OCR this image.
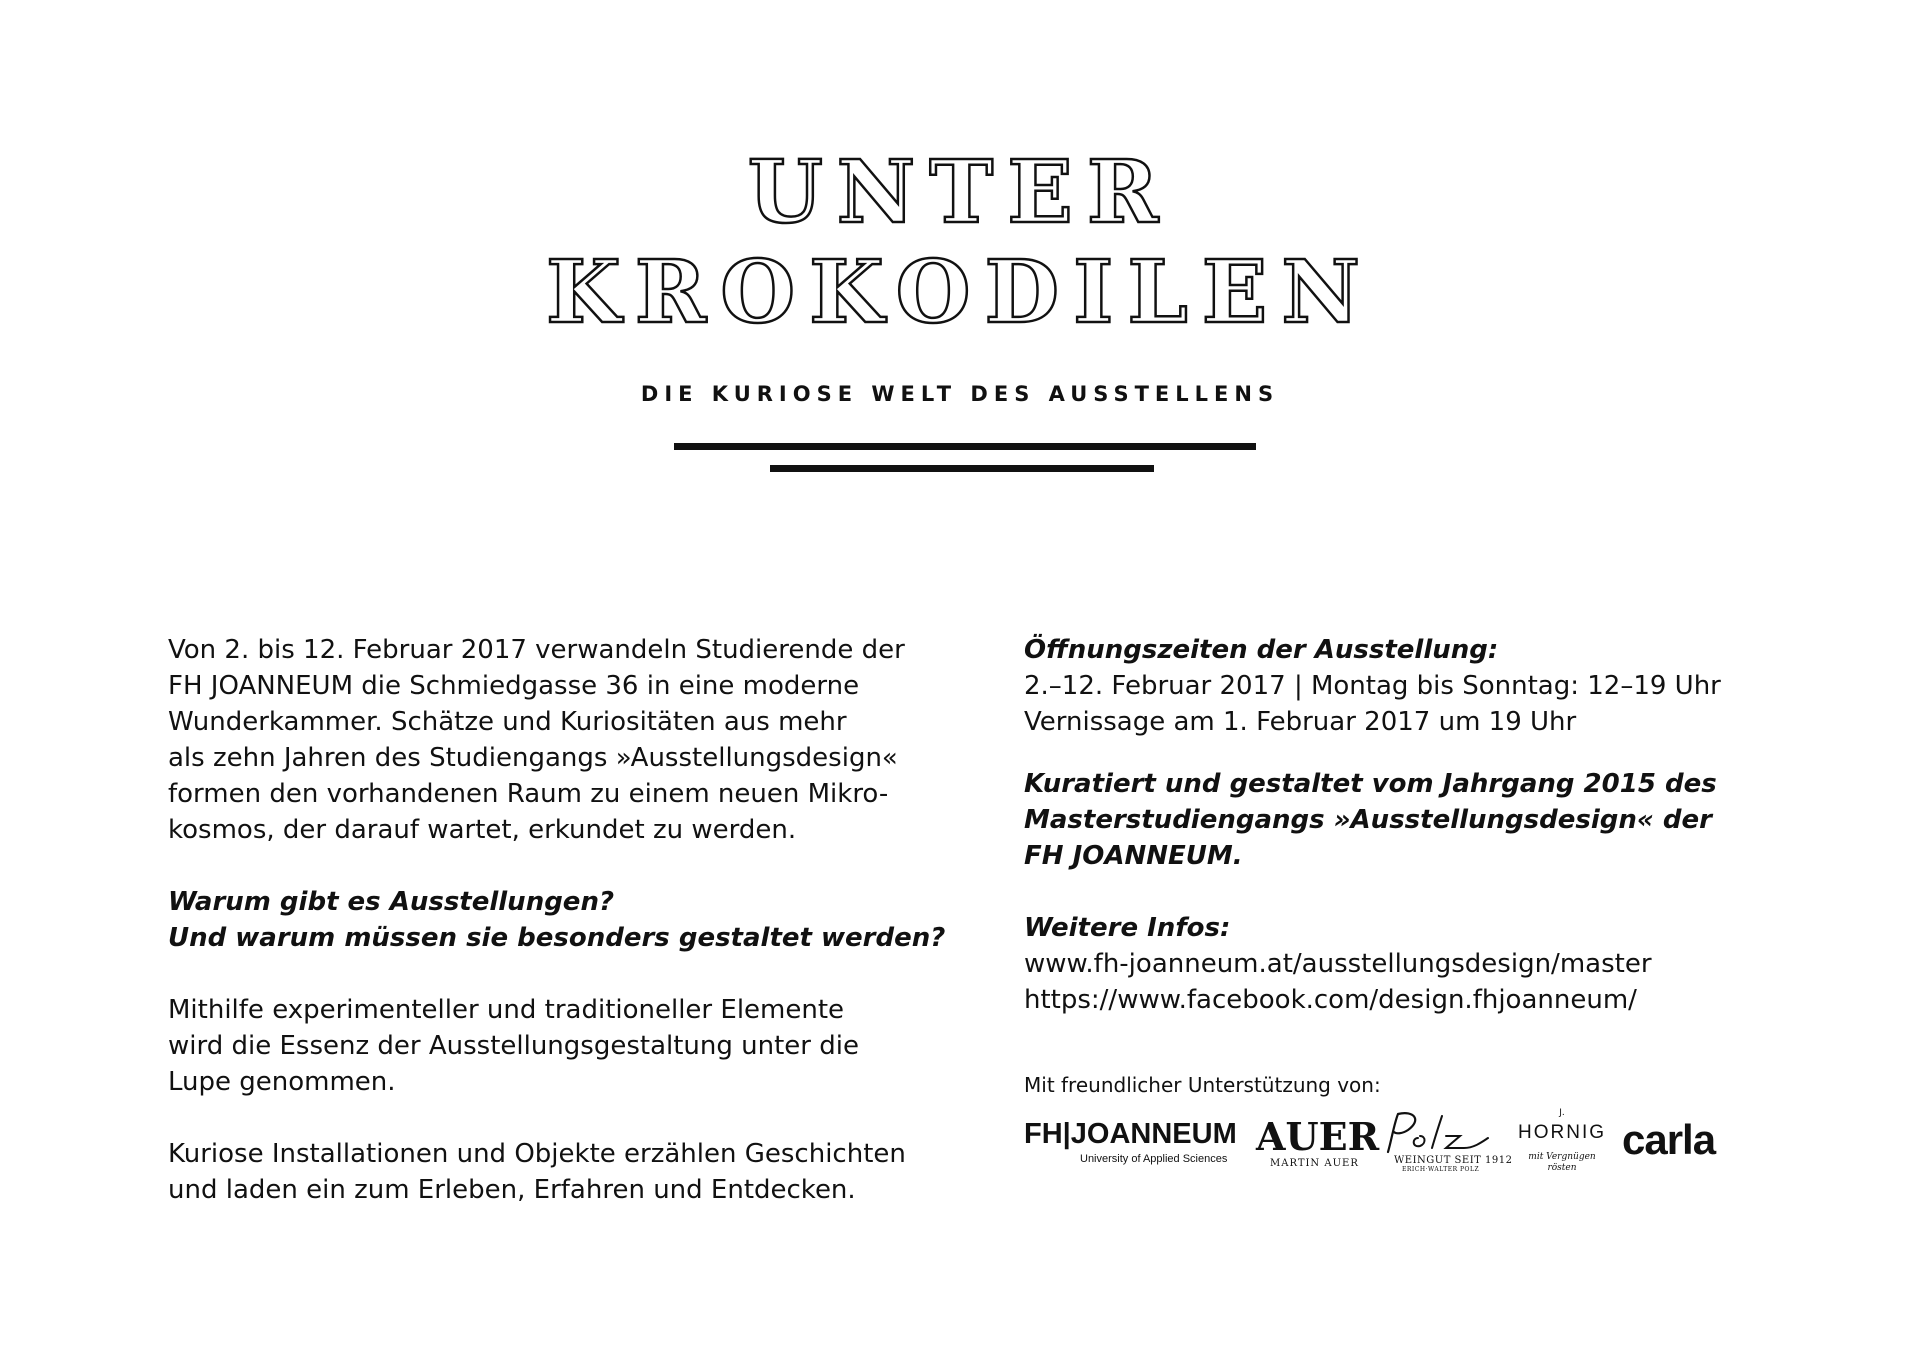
UNTER
KROKODILEN
DIE KURIOSE WELT DES AUSSTELLENS

Von 2. bis 12. Februar 2017 verwandeln Studierende der
FH JOANNEUM die Schmiedgasse 36 in eine moderne
Wunderkammer. Schätze und Kuriositäten aus mehr
als zehn Jahren des Studiengangs »Ausstellungsdesign«
formen den vorhandenen Raum zu einem neuen Mikro-
kosmos, der darauf wartet, erkundet zu werden.

Warum gibt es Ausstellungen?
Und warum müssen sie besonders gestaltet werden?

Mithilfe experimenteller und traditioneller Elemente
wird die Essenz der Ausstellungsgestaltung unter die
Lupe genommen.

Kuriose Installationen und Objekte erzählen Geschichten
und laden ein zum Erleben, Erfahren und Entdecken.

Öffnungszeiten der Ausstellung:
2.–12. Februar 2017 | Montag bis Sonntag: 12–19 Uhr
Vernissage am 1. Februar 2017 um 19 Uhr

Kuratiert und gestaltet vom Jahrgang 2015 des
Masterstudiengangs »Ausstellungsdesign« der
FH JOANNEUM.

Weitere Infos:
www.fh-joanneum.at/ausstellungsdesign/master
https://www.facebook.com/design.fhjoanneum/

Mit freundlicher Unterstützung von:
FH|JOANNEUM
University of Applied Sciences AUER
MARTIN AUER	WEINGUT SEIT 1912
ERICH·WALTER POLZ
J.
HORNIG
mit Vergnügen
rösten
carla
